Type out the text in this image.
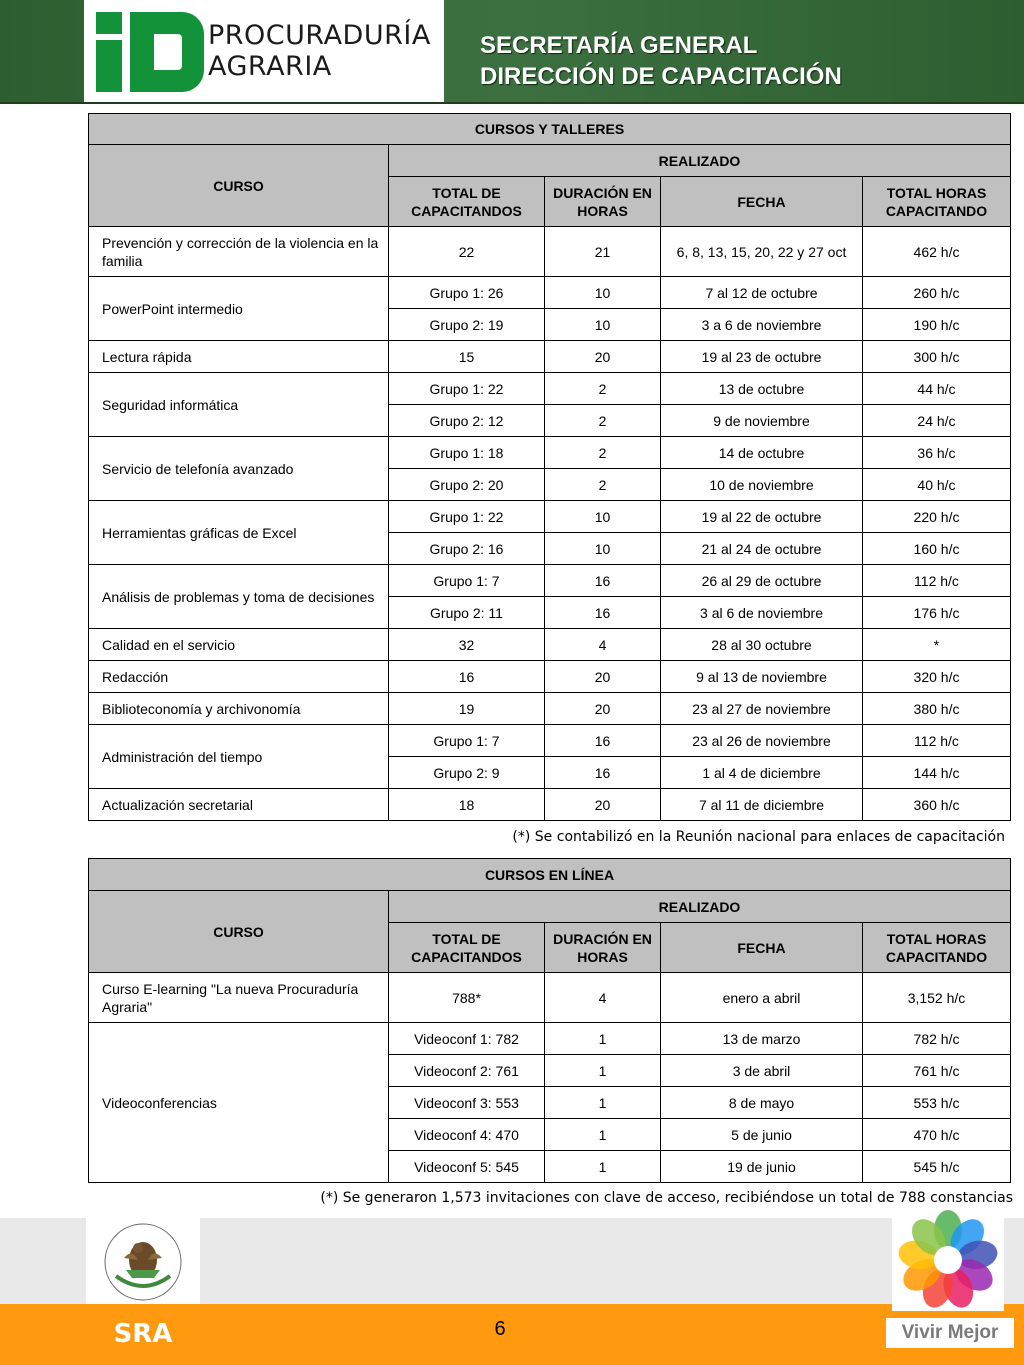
PROCURADURÍA
AGRARIA
SECRETARÍA GENERAL
DIRECCIÓN DE CAPACITACIÓN
CURSOS Y TALLERES				
CURSO	REALIZADO			
	TOTAL DE CAPACITANDOS	DURACIÓN EN HORAS	FECHA	TOTAL HORAS CAPACITANDO
Prevención y corrección de la violencia en la familia	22	21	6, 8, 13, 15, 20, 22 y 27 oct	462 h/c
PowerPoint intermedio	Grupo 1: 26	10	7 al 12 de octubre	260 h/c
	Grupo 2: 19	10	3 a 6 de noviembre	190 h/c
Lectura rápida	15	20	19 al 23 de octubre	300 h/c
Seguridad informática	Grupo 1: 22	2	13 de octubre	44 h/c
	Grupo 2: 12	2	9 de noviembre	24 h/c
Servicio de telefonía avanzado	Grupo 1: 18	2	14 de octubre	36 h/c
	Grupo 2: 20	2	10 de noviembre	40 h/c
Herramientas gráficas de Excel	Grupo 1: 22	10	19 al 22 de octubre	220 h/c
	Grupo 2: 16	10	21 al 24 de octubre	160 h/c
Análisis de problemas y toma de decisiones	Grupo 1: 7	16	26 al 29 de octubre	112 h/c
	Grupo 2: 11	16	3 al 6 de noviembre	176 h/c
Calidad en el servicio	32	4	28 al 30 octubre	*
Redacción	16	20	9 al 13 de noviembre	320 h/c
Biblioteconomía y archivonomía	19	20	23 al 27 de noviembre	380 h/c
Administración del tiempo	Grupo 1: 7	16	23 al 26 de noviembre	112 h/c
	Grupo 2: 9	16	1 al 4 de diciembre	144 h/c
Actualización secretarial	18	20	7 al 11 de diciembre	360 h/c
(*) Se contabilizó en la Reunión nacional para enlaces de capacitación
CURSOS EN LÍNEA				
CURSO	REALIZADO			
	TOTAL DE CAPACITANDOS	DURACIÓN EN HORAS	FECHA	TOTAL HORAS CAPACITANDO
Curso E-learning "La nueva Procuraduría Agraria"	788*	4	enero a abril	3,152 h/c
Videoconferencias	Videoconf 1: 782	1	13 de marzo	782 h/c
	Videoconf 2: 761	1	3 de abril	761 h/c
	Videoconf 3: 553	1	8 de mayo	553 h/c
	Videoconf 4: 470	1	5 de junio	470 h/c
	Videoconf 5: 545	1	19 de junio	545 h/c
(*) Se generaron 1,573 invitaciones con clave de acceso, recibiéndose un total de 788 constancias
SRA	6	Vivir Mejor
